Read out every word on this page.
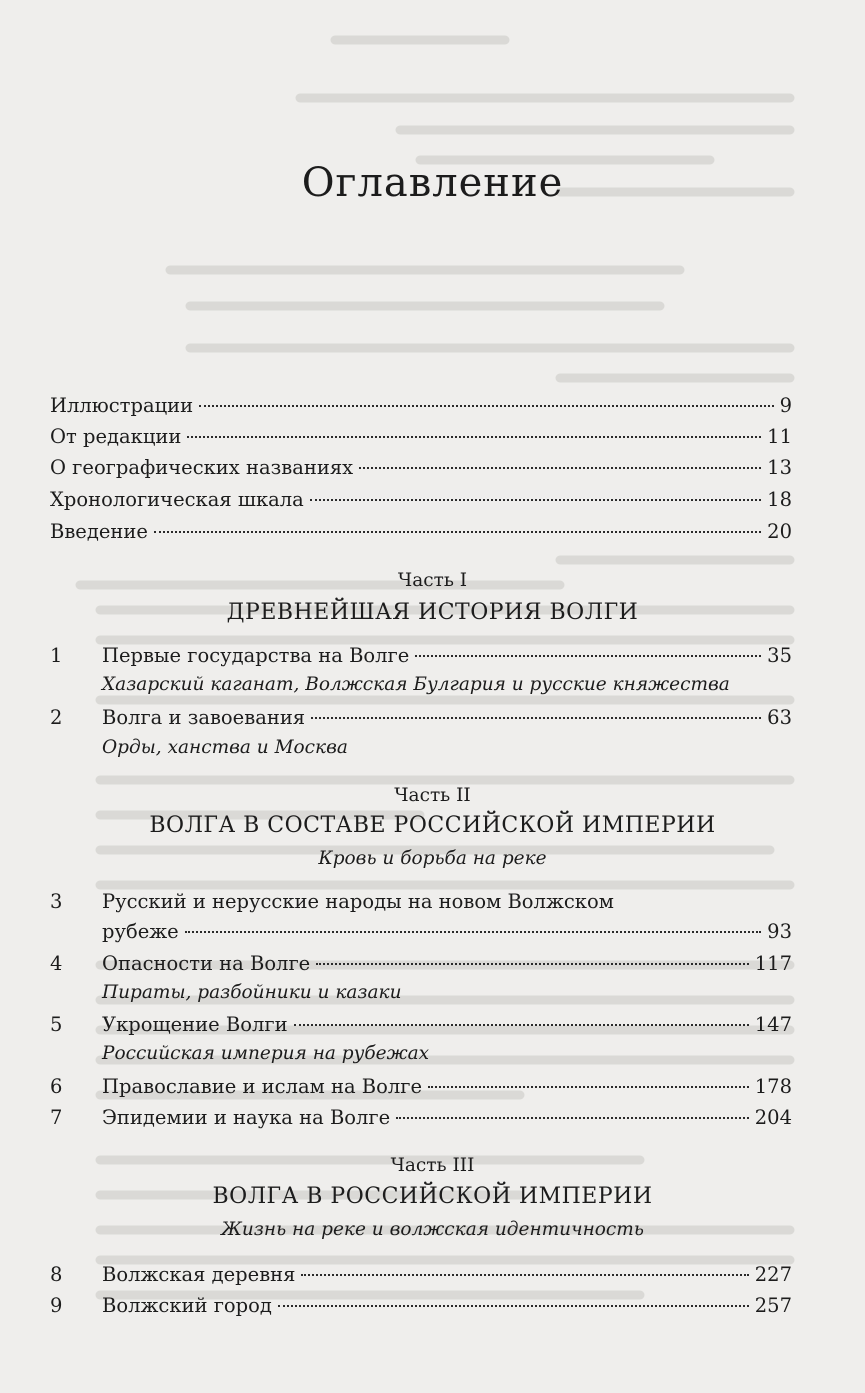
Оглавление
Иллюстрации	9
От редакции	11
О географических названиях	13
Хронологическая шкала	18
Введение	20
Часть I
ДРЕВНЕЙШАЯ ИСТОРИЯ ВОЛГИ
1	Первые государства на Волге	35
Хазарский каганат, Волжская Булгария и русские княжества
2	Волга и завоевания	63
Орды, ханства и Москва
Часть II
ВОЛГА В СОСТАВЕ РОССИЙСКОЙ ИМПЕРИИ
Кровь и борьба на реке
3	Русский и нерусские народы на новом Волжском
рубеже	93
4	Опасности на Волге	117
Пираты, разбойники и казаки
5	Укрощение Волги	147
Российская империя на рубежах
6	Православие и ислам на Волге	178
7	Эпидемии и наука на Волге	204
Часть III
ВОЛГА В РОССИЙСКОЙ ИМПЕРИИ
Жизнь на реке и волжская идентичность
8	Волжская деревня	227
9	Волжский город	257
